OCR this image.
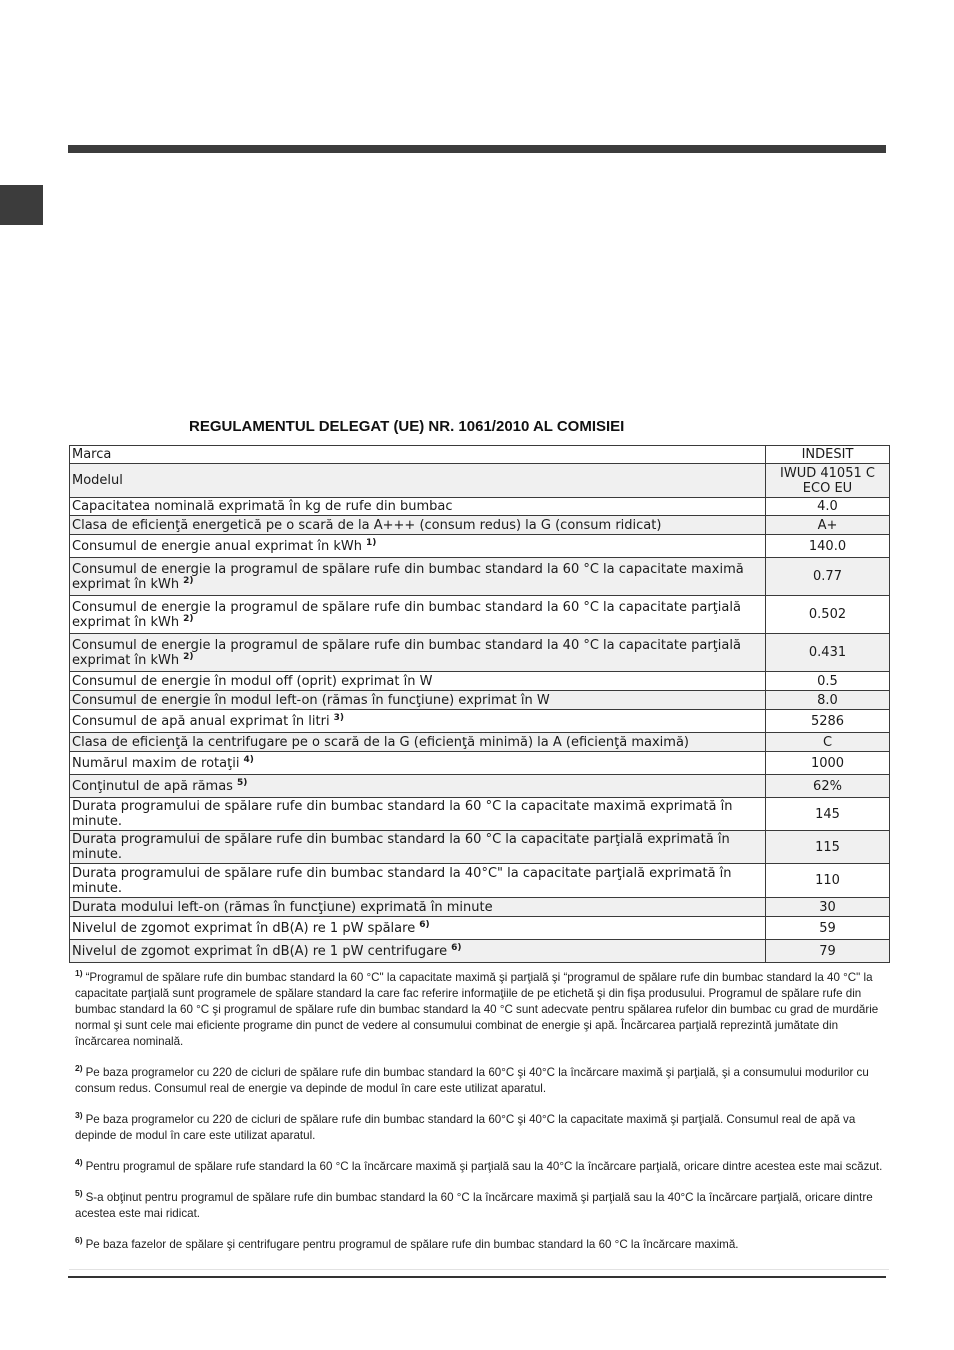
REGULAMENTUL DELEGAT (UE) NR. 1061/2010 AL COMISIEI
Marca	INDESIT
Modelul	IWUD 41051 C ECO EU
Capacitatea nominală exprimată în kg de rufe din bumbac	4.0
Clasa de eficienţă energetică pe o scară de la A+++ (consum redus) la G (consum ridicat)	A+
Consumul de energie anual exprimat în kWh $^{1)}$	140.0
Consumul de energie la programul de spălare rufe din bumbac standard la 60 °C la capacitate maximă exprimat în kWh $^{2)}$	0.77
Consumul de energie la programul de spălare rufe din bumbac standard la 60 °C la capacitate parţială exprimat în kWh $^{2)}$	0.502
Consumul de energie la programul de spălare rufe din bumbac standard la 40 °C la capacitate parţială exprimat în kWh $^{2)}$	0.431
Consumul de energie în modul off (oprit) exprimat în W	0.5
Consumul de energie în modul left-on (rămas în funcţiune) exprimat în W	8.0
Consumul de apă anual exprimat în litri $^{3)}$	5286
Clasa de eficienţă la centrifugare pe o scară de la G (eficienţă minimă) la A (eficienţă maximă)	C
Numărul maxim de rotaţii $^{4)}$	1000
Conţinutul de apă rămas $^{5)}$	62%
Durata programului de spălare rufe din bumbac standard la 60 °C la capacitate maximă exprimată în minute.	145
Durata programului de spălare rufe din bumbac standard la 60 °C la capacitate parţială exprimată în minute.	115
Durata programului de spălare rufe din bumbac standard la 40°C" la capacitate parţială exprimată în minute.	110
Durata modului left-on (rămas în funcţiune) exprimată în minute	30
Nivelul de zgomot exprimat în dB(A) re 1 pW spălare $^{6)}$	59
Nivelul de zgomot exprimat în dB(A) re 1 pW centrifugare $^{6)}$	79

$^{1)}$ “Programul de spălare rufe din bumbac standard la 60 °C" la capacitate maximă şi parţială şi “programul de spălare rufe din bumbac standard la 40 °C" la capacitate parţială sunt programele de spălare standard la care fac referire informaţiile de pe etichetă şi din fişa produsului. Programul de spălare rufe din bumbac standard la 60 °C şi programul de spălare rufe din bumbac standard la 40 °C sunt adecvate pentru spălarea rufelor din bumbac cu grad de murdărie normal şi sunt cele mai eficiente programe din punct de vedere al consumului combinat de energie şi apă. Încărcarea parţială reprezintă jumătate din încărcarea nominală.

$^{2)}$ Pe baza programelor cu 220 de cicluri de spălare rufe din bumbac standard la 60°C şi 40°C la încărcare maximă şi parţială, şi a consumului modurilor cu consum redus. Consumul real de energie va depinde de modul în care este utilizat aparatul.

$^{3)}$ Pe baza programelor cu 220 de cicluri de spălare rufe din bumbac standard la 60°C şi 40°C la capacitate maximă şi parţială. Consumul real de apă va depinde de modul în care este utilizat aparatul.

$^{4)}$ Pentru programul de spălare rufe standard la 60 °C la încărcare maximă şi parţială sau la 40°C la încărcare parţială, oricare dintre acestea este mai scăzut.

$^{5)}$ S-a obţinut pentru programul de spălare rufe din bumbac standard la 60 °C la încărcare maximă şi parţială sau la 40°C la încărcare parţială, oricare dintre acestea este mai ridicat.

$^{6)}$ Pe baza fazelor de spălare şi centrifugare pentru programul de spălare rufe din bumbac standard la 60 °C la încărcare maximă.
